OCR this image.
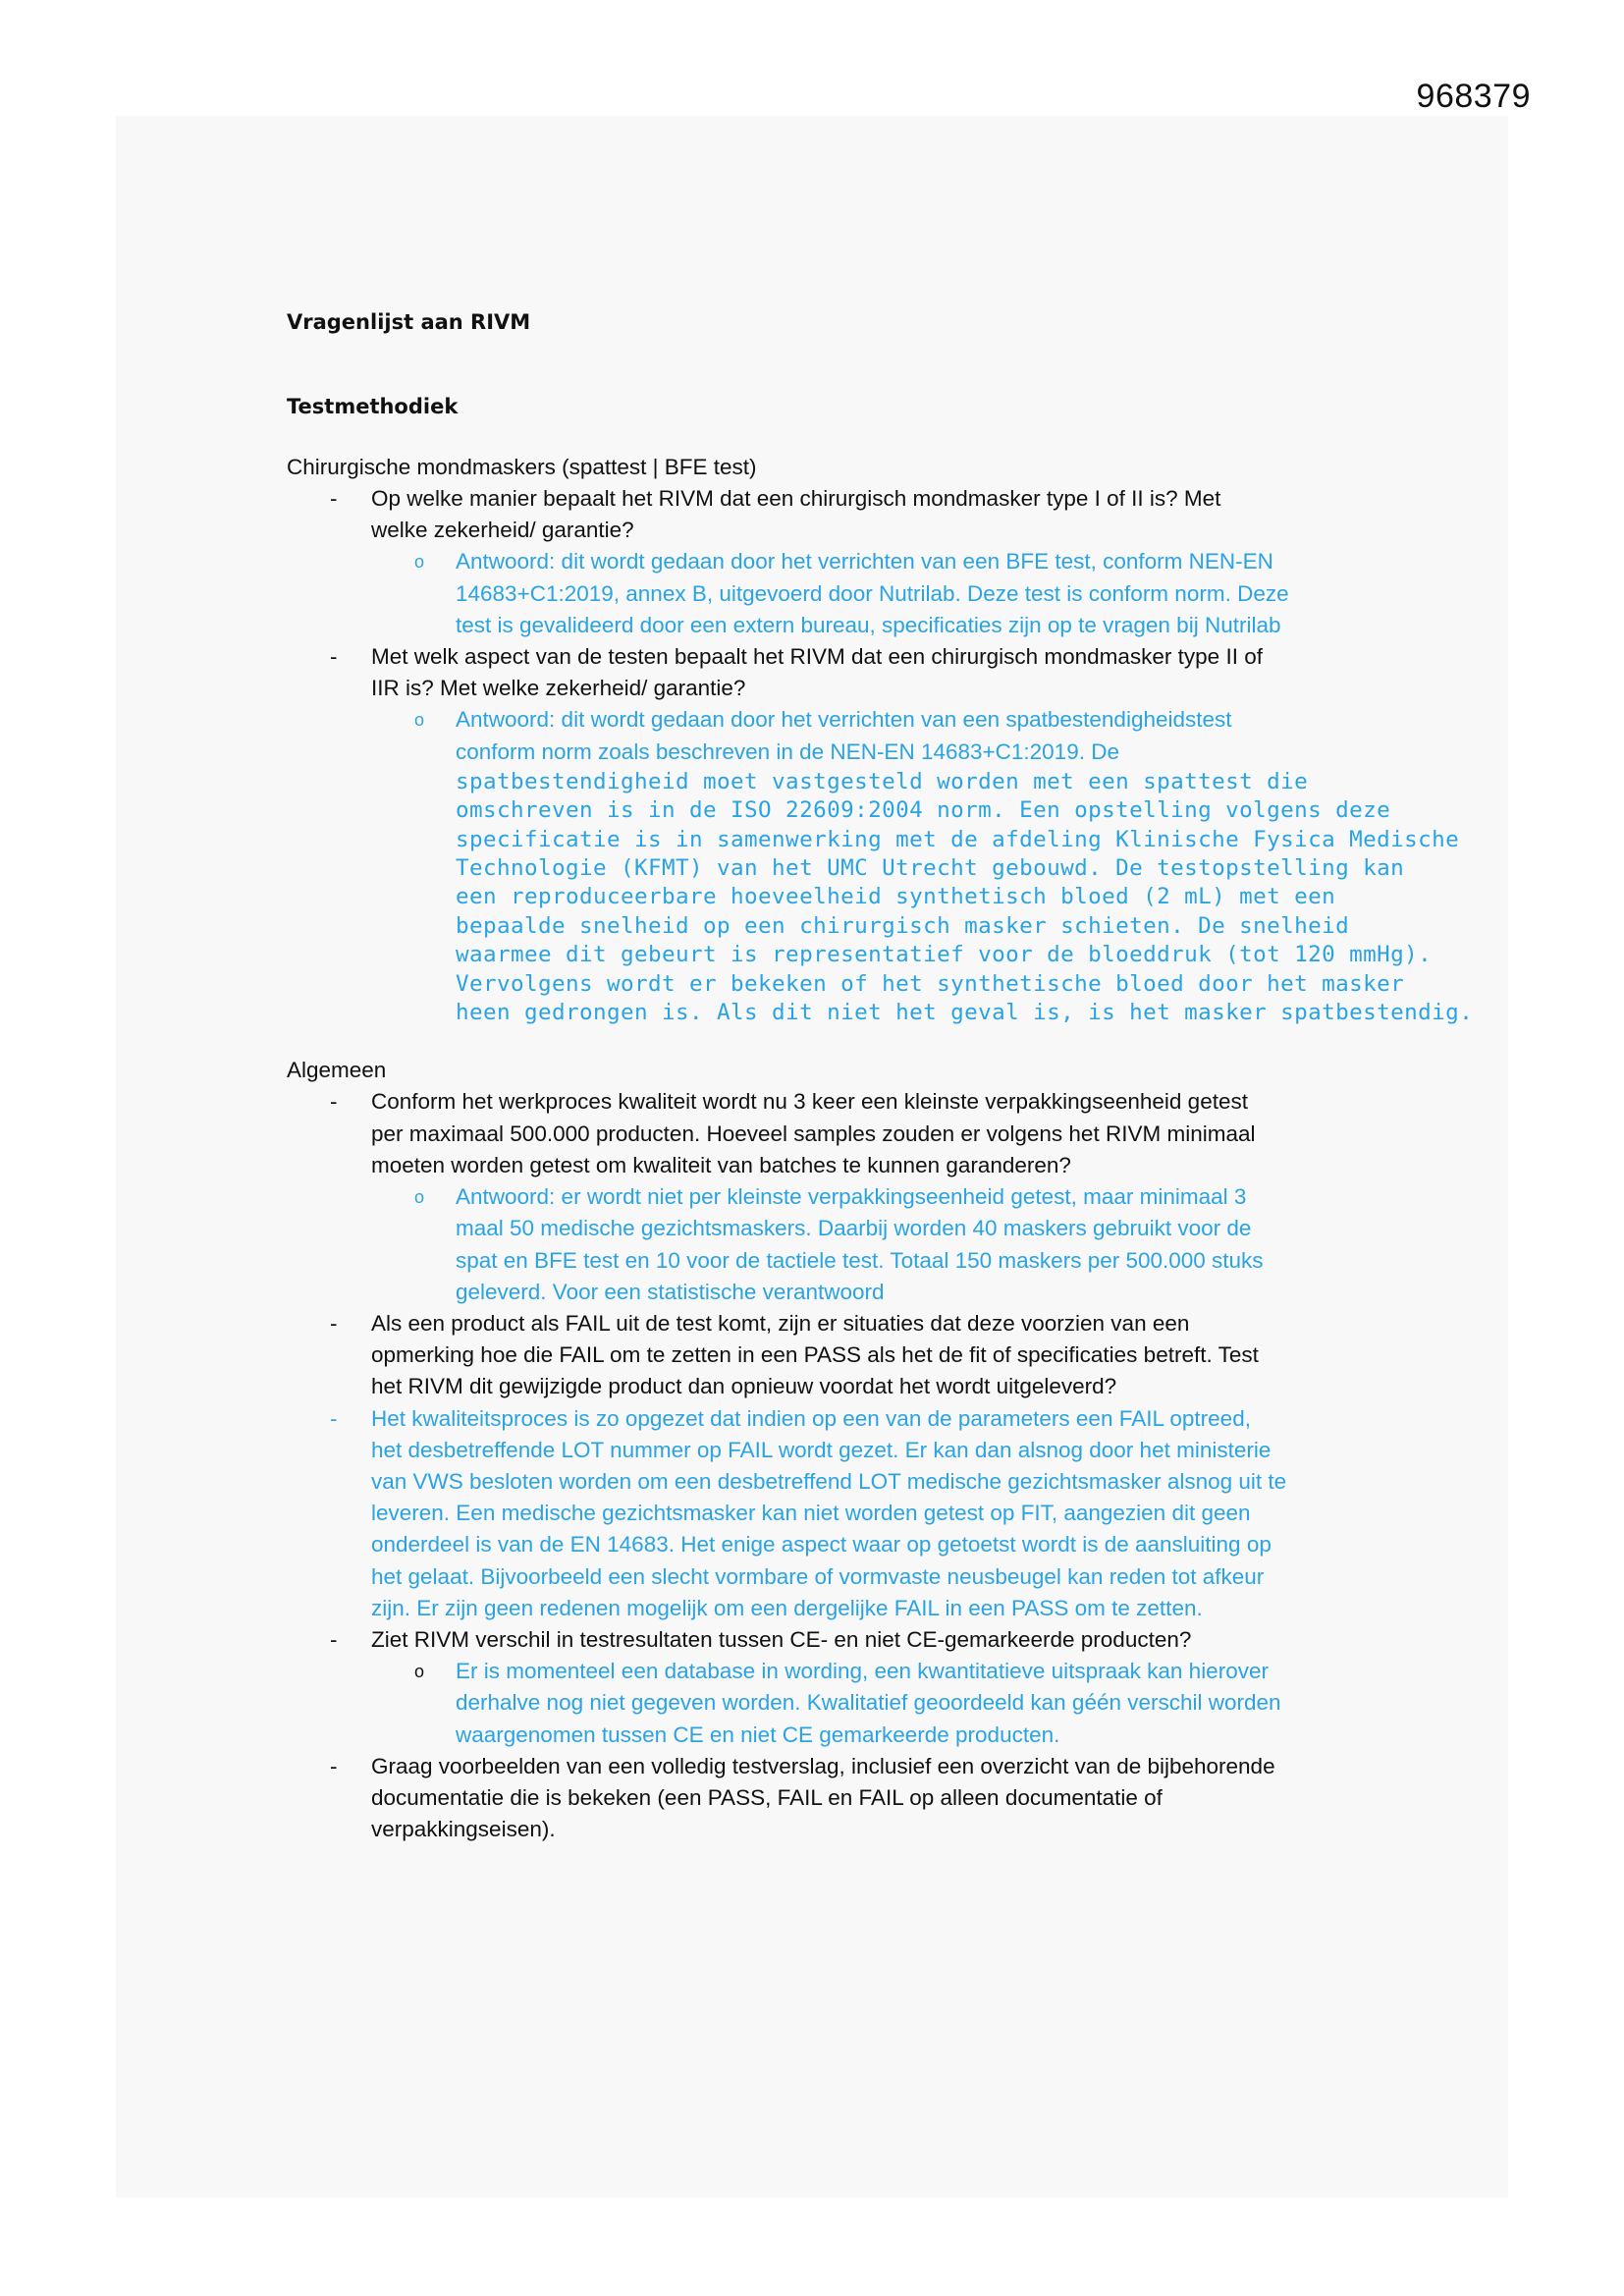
968379

Vragenlijst aan RIVM

Testmethodiek

Chirurgische mondmaskers (spattest | BFE test)
- Op welke manier bepaalt het RIVM dat een chirurgisch mondmasker type I of II is? Met
welke zekerheid/ garantie?
o Antwoord: dit wordt gedaan door het verrichten van een BFE test, conform NEN-EN
14683+C1:2019, annex B, uitgevoerd door Nutrilab. Deze test is conform norm. Deze
test is gevalideerd door een extern bureau, specificaties zijn op te vragen bij Nutrilab
- Met welk aspect van de testen bepaalt het RIVM dat een chirurgisch mondmasker type II of
IIR is? Met welke zekerheid/ garantie?
o Antwoord: dit wordt gedaan door het verrichten van een spatbestendigheidstest
conform norm zoals beschreven in de NEN-EN 14683+C1:2019. De
spatbestendigheid moet vastgesteld worden met een spattest die
omschreven is in de ISO 22609:2004 norm. Een opstelling volgens deze
specificatie is in samenwerking met de afdeling Klinische Fysica Medische
Technologie (KFMT) van het UMC Utrecht gebouwd. De testopstelling kan
een reproduceerbare hoeveelheid synthetisch bloed (2 mL) met een
bepaalde snelheid op een chirurgisch masker schieten. De snelheid
waarmee dit gebeurt is representatief voor de bloeddruk (tot 120 mmHg).
Vervolgens wordt er bekeken of het synthetische bloed door het masker
heen gedrongen is. Als dit niet het geval is, is het masker spatbestendig.
Algemeen
- Conform het werkproces kwaliteit wordt nu 3 keer een kleinste verpakkingseenheid getest
per maximaal 500.000 producten. Hoeveel samples zouden er volgens het RIVM minimaal
moeten worden getest om kwaliteit van batches te kunnen garanderen?
o Antwoord: er wordt niet per kleinste verpakkingseenheid getest, maar minimaal 3
maal 50 medische gezichtsmaskers. Daarbij worden 40 maskers gebruikt voor de
spat en BFE test en 10 voor de tactiele test. Totaal 150 maskers per 500.000 stuks
geleverd. Voor een statistische verantwoord
- Als een product als FAIL uit de test komt, zijn er situaties dat deze voorzien van een
opmerking hoe die FAIL om te zetten in een PASS als het de fit of specificaties betreft. Test
het RIVM dit gewijzigde product dan opnieuw voordat het wordt uitgeleverd?
- Het kwaliteitsproces is zo opgezet dat indien op een van de parameters een FAIL optreed,
het desbetreffende LOT nummer op FAIL wordt gezet. Er kan dan alsnog door het ministerie
van VWS besloten worden om een desbetreffend LOT medische gezichtsmasker alsnog uit te
leveren. Een medische gezichtsmasker kan niet worden getest op FIT, aangezien dit geen
onderdeel is van de EN 14683. Het enige aspect waar op getoetst wordt is de aansluiting op
het gelaat. Bijvoorbeeld een slecht vormbare of vormvaste neusbeugel kan reden tot afkeur
zijn. Er zijn geen redenen mogelijk om een dergelijke FAIL in een PASS om te zetten.
- Ziet RIVM verschil in testresultaten tussen CE- en niet CE-gemarkeerde producten?
o Er is momenteel een database in wording, een kwantitatieve uitspraak kan hierover
derhalve nog niet gegeven worden. Kwalitatief geoordeeld kan géén verschil worden
waargenomen tussen CE en niet CE gemarkeerde producten.
- Graag voorbeelden van een volledig testverslag, inclusief een overzicht van de bijbehorende
documentatie die is bekeken (een PASS, FAIL en FAIL op alleen documentatie of
verpakkingseisen).
